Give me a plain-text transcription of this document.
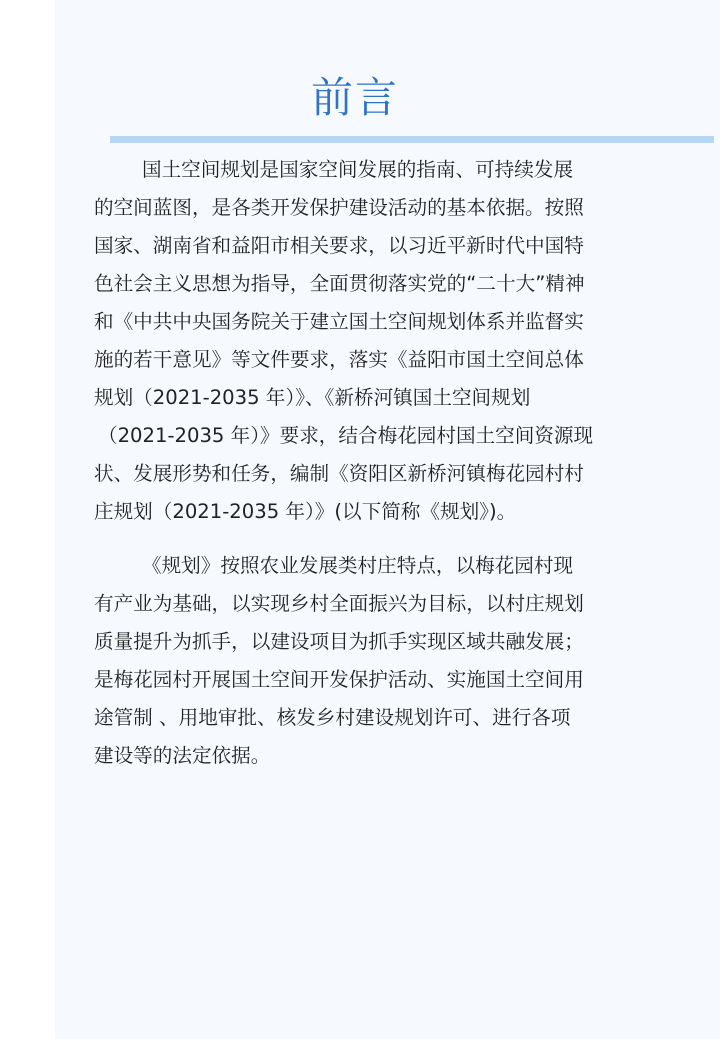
前言

国土空间规划是国家空间发展的指南、可持续发展

的空间蓝图，是各类开发保护建设活动的基本依据。按照

国家、湖南省和益阳市相关要求，以习近平新时代中国特

色社会主义思想为指导，全面贯彻落实党的“二十大”精神

和《中共中央国务院关于建立国土空间规划体系并监督实

施的若干意见》等文件要求，落实《益阳市国土空间总体

规划（2021-2035 年）》、《新桥河镇国土空间规划

（2021-2035 年）》要求，结合梅花园村国土空间资源现

状、发展形势和任务，编制《资阳区新桥河镇梅花园村村

庄规划（2021-2035 年）》(以下简称《规划》)。

《规划》按照农业发展类村庄特点，以梅花园村现

有产业为基础，以实现乡村全面振兴为目标，以村庄规划

质量提升为抓手，以建设项目为抓手实现区域共融发展；

是梅花园村开展国土空间开发保护活动、实施国土空间用

途管制 、用地审批、核发乡村建设规划许可、进行各项

建设等的法定依据。
